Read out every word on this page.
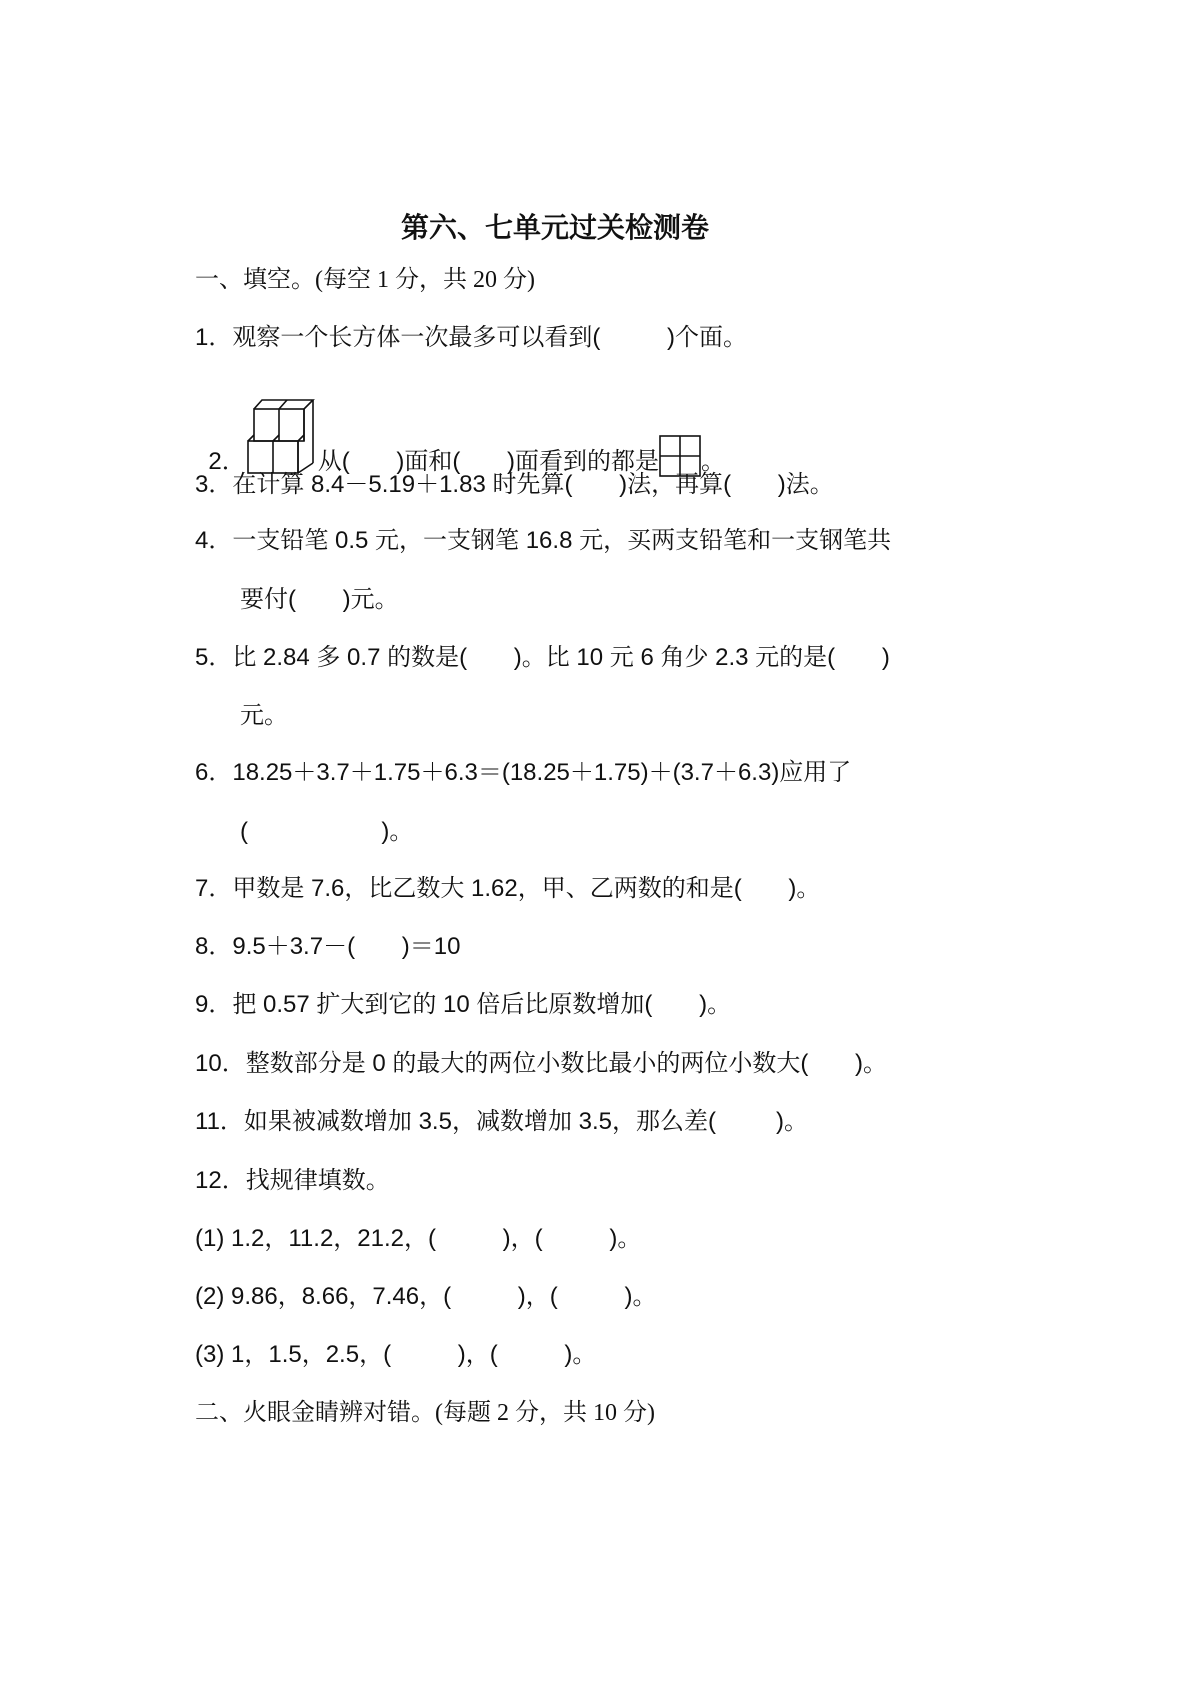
第六、七单元过关检测卷
一、填空。(每空 1 分，共 20 分)
1．观察一个长方体一次最多可以看到(          )个面。

2．	从(       )面和(       )面看到的都是 。

3．在计算 8.4－5.19＋1.83 时先算(       )法，再算(       )法。
4．一支铅笔 0.5 元，一支钢笔 16.8 元，买两支铅笔和一支钢笔共
要付(       )元。
5．比 2.84 多 0.7 的数是(       )。比 10 元 6 角少 2.3 元的是(       )
元。
6．18.25＋3.7＋1.75＋6.3＝(18.25＋1.75)＋(3.7＋6.3)应用了
(                    )。
7．甲数是 7.6，比乙数大 1.62，甲、乙两数的和是(       )。
8．9.5＋3.7－(       )＝10
9．把 0.57 扩大到它的 10 倍后比原数增加(       )。
10．整数部分是 0 的最大的两位小数比最小的两位小数大(       )。
11．如果被减数增加 3.5，减数增加 3.5，那么差(         )。
12．找规律填数。
(1) 1.2，11.2，21.2，(          )，(          )。
(2) 9.86，8.66，7.46，(          )，(          )。
(3) 1，1.5，2.5，(          )，(          )。
二、火眼金睛辨对错。(每题 2 分，共 10 分)
